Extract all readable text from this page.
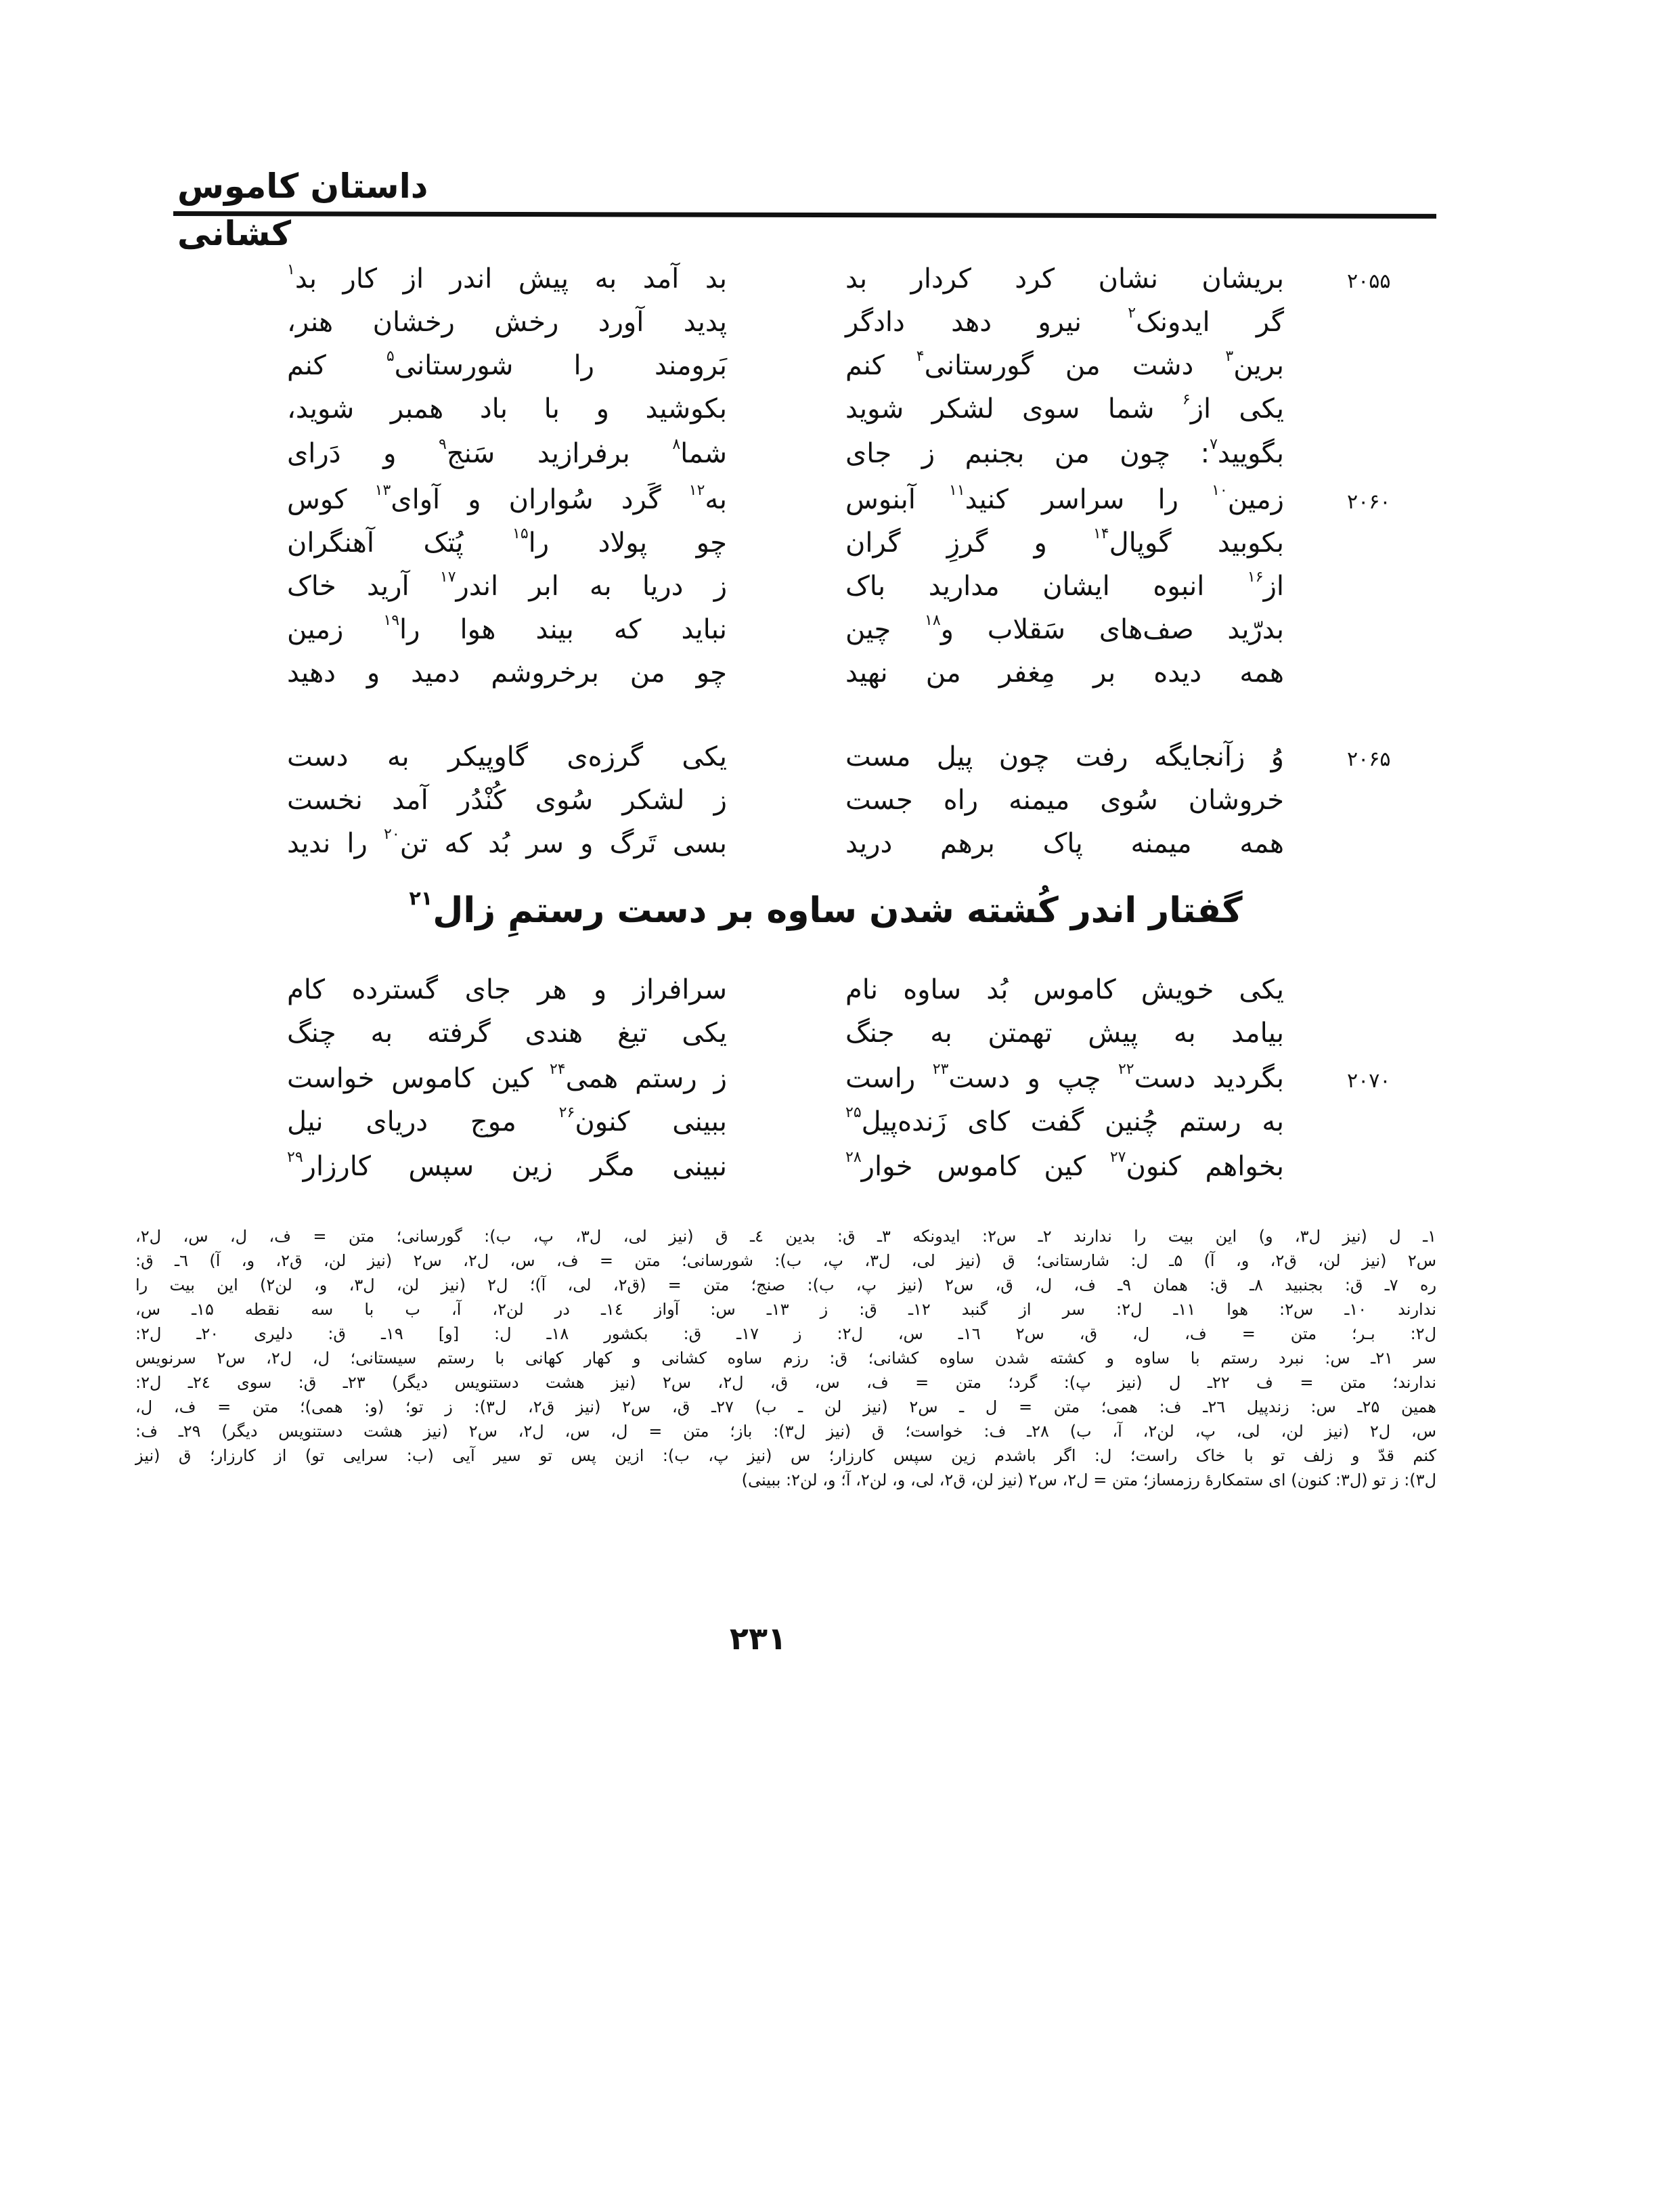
داستان کاموس کشانی
۲۰۵۵
بریشان نشان کرد کردار بد
بد آمد به پیش اندر از کار بد$^۱$
گر ایدونک$^۲$ نیرو دهد دادگر
پدید آورد رخش رخشان هنر،
برین$^۳$ دشت من گورستانی$^۴$ کنم
بَرومند را شورستانی$^۵$ کنم
یکی از$^۶$ شما سوی لشکر شوید
بکوشید و با باد همبر شوید،
بگویید$^۷$: چون من بجنبم ز جای
شما$^۸$ برفرازید سَنج$^۹$ و دَرای
۲۰۶۰
زمین$^{۱۰}$ را سراسر کنید$^{۱۱}$ آبنوس
به$^{۱۲}$ گَرد سُواران و آوای$^{۱۳}$ کوس
بکوبید گوپال$^{۱۴}$ و گرزِ گران
چو پولاد را$^{۱۵}$ پُتک آهنگران
از$^{۱۶}$ انبوه ایشان مدارید باک
ز دریا به ابر اندر$^{۱۷}$ آرید خاک
بدرّید صف‌های سَقلاب و$^{۱۸}$ چین
نباید که بیند هوا را$^{۱۹}$ زمین
همه دیده بر مِغفر من نهید
چو من برخروشم دمید و دهید
۲۰۶۵
وُ زآنجایگه رفت چون پیل مست
یکی گرزه‌ی گاوپیکر به دست
خروشان سُوی میمنه راه جست
ز لشکر سُوی کُنْدُر آمد نخست
همه میمنه پاک برهم درید
بسی تَرگ و سر بُد که تن$^{۲۰}$ را ندید
یکی خویش کاموس بُد ساوه نام
سرافراز و هر جای گسترده کام
بیامد به پیش تهمتن به جنگ
یکی تیغ هندی گرفته به چنگ
۲۰۷۰
بگردید دست$^{۲۲}$ چپ و دست$^{۲۳}$ راست
ز رستم همی$^{۲۴}$ کین کاموس خواست
به رستم چُنین گفت کای زَنده‌پیل$^{۲۵}$
ببینی کنون$^{۲۶}$ موج دریای نیل
بخواهم کنون$^{۲۷}$ کین کاموس خوار$^{۲۸}$
نبینی مگر زین سپس کارزار$^{۲۹}$
گفتار اندر کُشته شدن ساوه بر دست رستمِ زال$^{۲۱}$
۱ـ ل (نیز ل۳، و) این بیت را ندارند ۲ـ س۲: ایدونکه ۳ـ ق: بدین ٤ـ ق (نیز لی، ل۳، پ، ب): گورسانی؛ متن = ف، ل، س، ل۲،
س۲ (نیز لن، ق۲، و، آ) ۵ـ ل: شارستانی؛ ق (نیز لی، ل۳، پ، ب): شورسانی؛ متن = ف، س، ل۲، س۲ (نیز لن، ق۲، و، آ) ٦ـ ق:
ره ۷ـ ق: بجنبید ۸ـ ق: همان ۹ـ ف، ل، ق، س۲ (نیز پ، ب): صنج؛ متن = (ق۲، لی، آ)؛ ل۲ (نیز لن، ل۳، و، لن۲) این بیت را
ندارند ۱۰ـ س۲: هوا ۱۱ـ ل۲: سر از گنبد ۱۲ـ ق: ز ۱۳ـ س: آواز ۱٤ـ در لن۲، آ، ب با سه نقطه ۱۵ـ س،
ل۲: بـر؛ متن = ف، ل، ق، س۲ ۱٦ـ س، ل۲: ز ۱۷ـ ق: بکشور ۱۸ـ ل: [و] ۱۹ـ ق: دلیری ۲۰ـ ل۲:
سر ۲۱ـ س: نبرد رستم با ساوه و کشته شدن ساوه کشانی؛ ق: رزم ساوه کشانی و کهار کهانی با رستم سیستانی؛ ل، ل۲، س۲ سرنویس
ندارند؛ متن = ف ۲۲ـ ل (نیز پ): گرد؛ متن = ف، س، ق، ل۲، س۲ (نیز هشت دستنویس دیگر) ۲۳ـ ق: سوی ۲٤ـ ل۲:
همین ۲۵ـ س: زندپیل ۲٦ـ ف: همی؛ متن = ل ـ س۲ (نیز لن ـ ب) ۲۷ـ ق، س۲ (نیز ق۲، ل۳): ز تو؛ (و: همی)؛ متن = ف، ل،
س، ل۲ (نیز لن، لی، پ، لن۲، آ، ب) ۲۸ـ ف: خواست؛ ق (نیز ل۳): باز؛ متن = ل، س، ل۲، س۲ (نیز هشت دستنویس دیگر) ۲۹ـ ف:
کنم قدّ و زلف تو با خاک راست؛ ل: اگر باشدم زین سپس کارزار؛ س (نیز پ، ب): ازین پس تو سیر آیی (ب: سرایی تو) از کارزار؛ ق (نیز
ل۳): ز تو (ل۳: کنون) ای ستمکارهٔ رزمساز؛ متن = ل۲، س۲ (نیز لن، ق۲، لی، و، لن۲، آ؛ و، لن۲: ببینی)
۲۳۱
